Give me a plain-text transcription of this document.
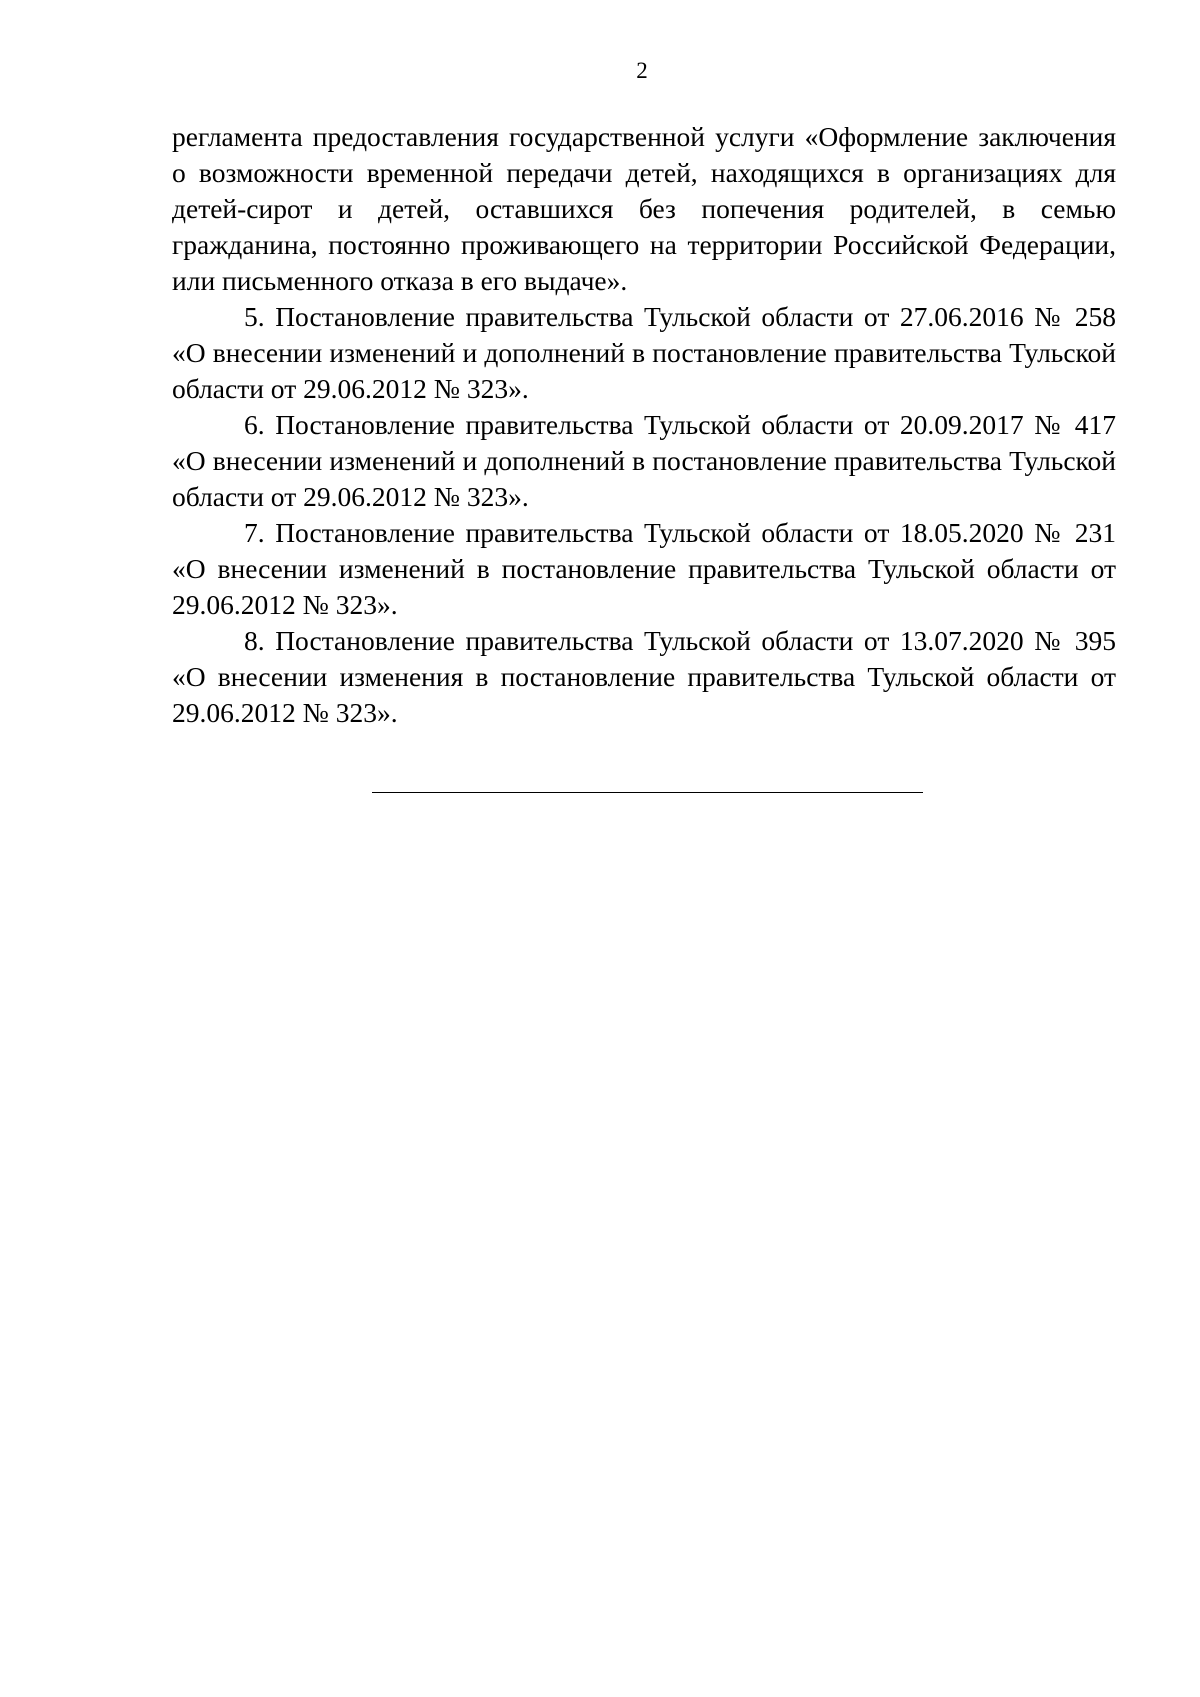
2

регламента предоставления государственной услуги «Оформление заключения о возможности временной передачи детей, находящихся в организациях для детей-сирот и детей, оставшихся без попечения родителей, в семью гражданина, постоянно проживающего на территории Российской Федерации, или письменного отказа в его выдаче».

5. Постановление правительства Тульской области от 27.06.2016 № 258 «О внесении изменений и дополнений в постановление правительства Тульской области от 29.06.2012 № 323».

6. Постановление правительства Тульской области от 20.09.2017 № 417 «О внесении изменений и дополнений в постановление правительства Тульской области от 29.06.2012 № 323».

7. Постановление правительства Тульской области от 18.05.2020 № 231 «О внесении изменений в постановление правительства Тульской области от 29.06.2012 № 323».

8. Постановление правительства Тульской области от 13.07.2020 № 395 «О внесении изменения в постановление правительства Тульской области от 29.06.2012 № 323».
